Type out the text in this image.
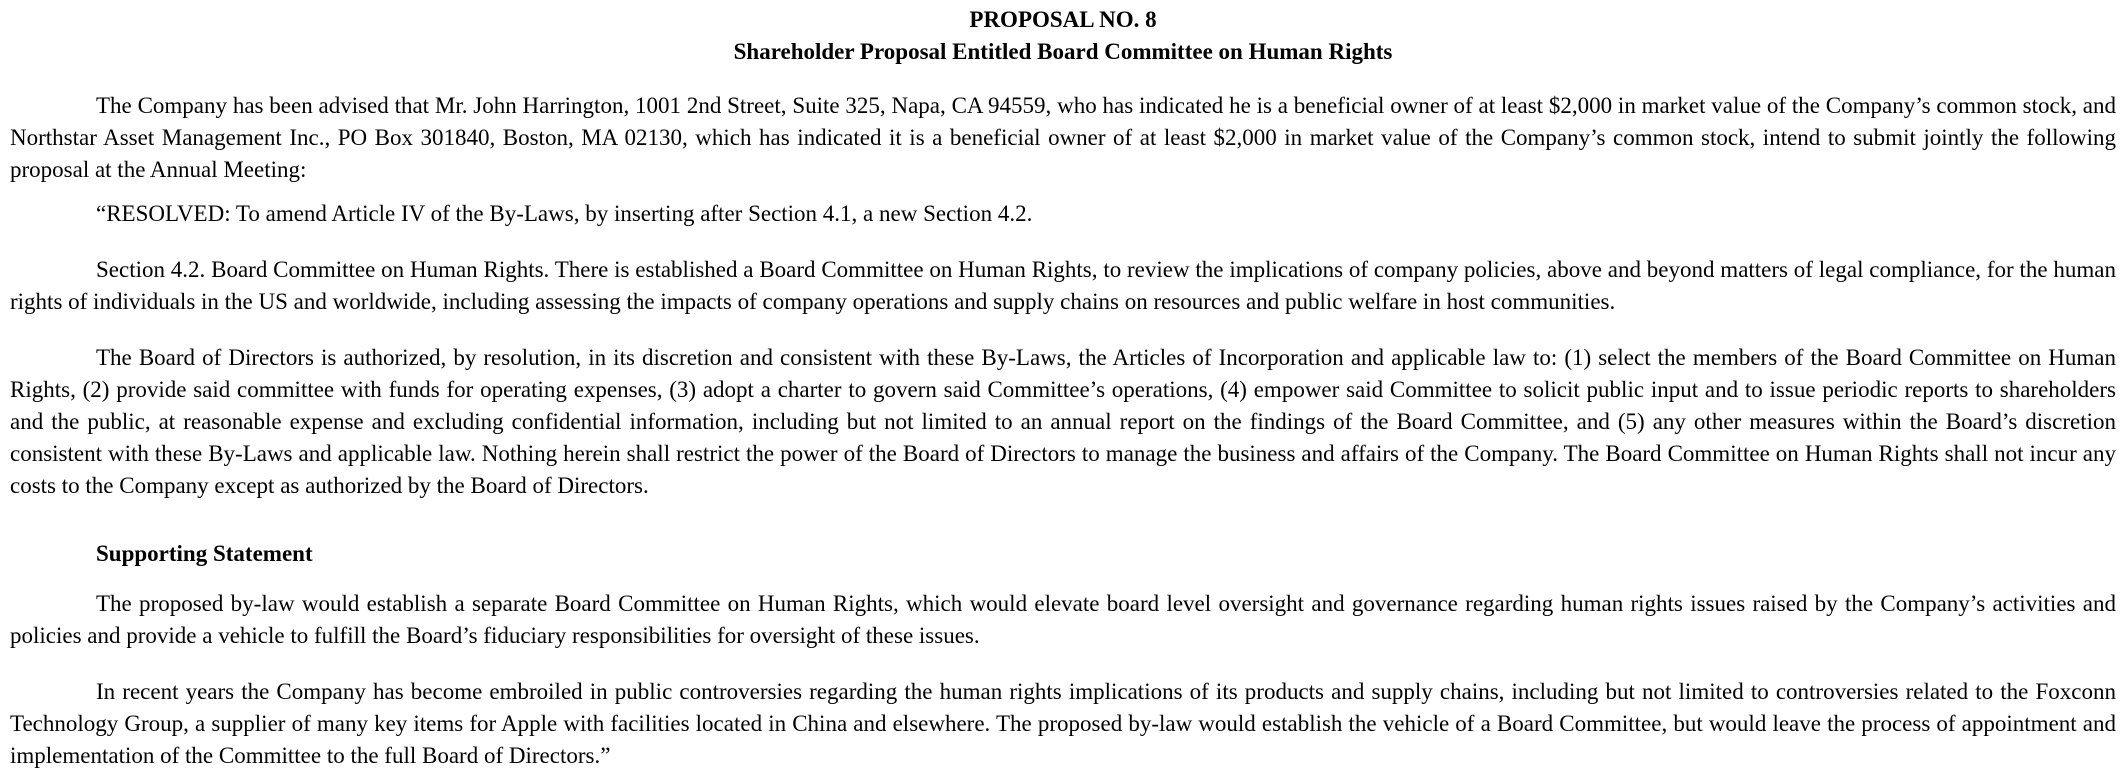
PROPOSAL NO. 8
Shareholder Proposal Entitled Board Committee on Human Rights

The Company has been advised that Mr. John Harrington, 1001 2nd Street, Suite 325, Napa, CA 94559, who has indicated he is a beneficial owner of at least $2,000 in market value of the Company’s common stock, and Northstar Asset Management Inc., PO Box 301840, Boston, MA 02130, which has indicated it is a beneficial owner of at least $2,000 in market value of the Company’s common stock, intend to submit jointly the following proposal at the Annual Meeting:

“RESOLVED: To amend Article IV of the By-Laws, by inserting after Section 4.1, a new Section 4.2.

Section 4.2. Board Committee on Human Rights. There is established a Board Committee on Human Rights, to review the implications of company policies, above and beyond matters of legal compliance, for the human rights of individuals in the US and worldwide, including assessing the impacts of company operations and supply chains on resources and public welfare in host communities.

The Board of Directors is authorized, by resolution, in its discretion and consistent with these By-Laws, the Articles of Incorporation and applicable law to: (1) select the members of the Board Committee on Human Rights, (2) provide said committee with funds for operating expenses, (3) adopt a charter to govern said Committee’s operations, (4) empower said Committee to solicit public input and to issue periodic reports to shareholders and the public, at reasonable expense and excluding confidential information, including but not limited to an annual report on the findings of the Board Committee, and (5) any other measures within the Board’s discretion consistent with these By-Laws and applicable law. Nothing herein shall restrict the power of the Board of Directors to manage the business and affairs of the Company. The Board Committee on Human Rights shall not incur any costs to the Company except as authorized by the Board of Directors.

Supporting Statement

The proposed by-law would establish a separate Board Committee on Human Rights, which would elevate board level oversight and governance regarding human rights issues raised by the Company’s activities and policies and provide a vehicle to fulfill the Board’s fiduciary responsibilities for oversight of these issues.

In recent years the Company has become embroiled in public controversies regarding the human rights implications of its products and supply chains, including but not limited to controversies related to the Foxconn Technology Group, a supplier of many key items for Apple with facilities located in China and elsewhere. The proposed by-law would establish the vehicle of a Board Committee, but would leave the process of appointment and implementation of the Committee to the full Board of Directors.”
